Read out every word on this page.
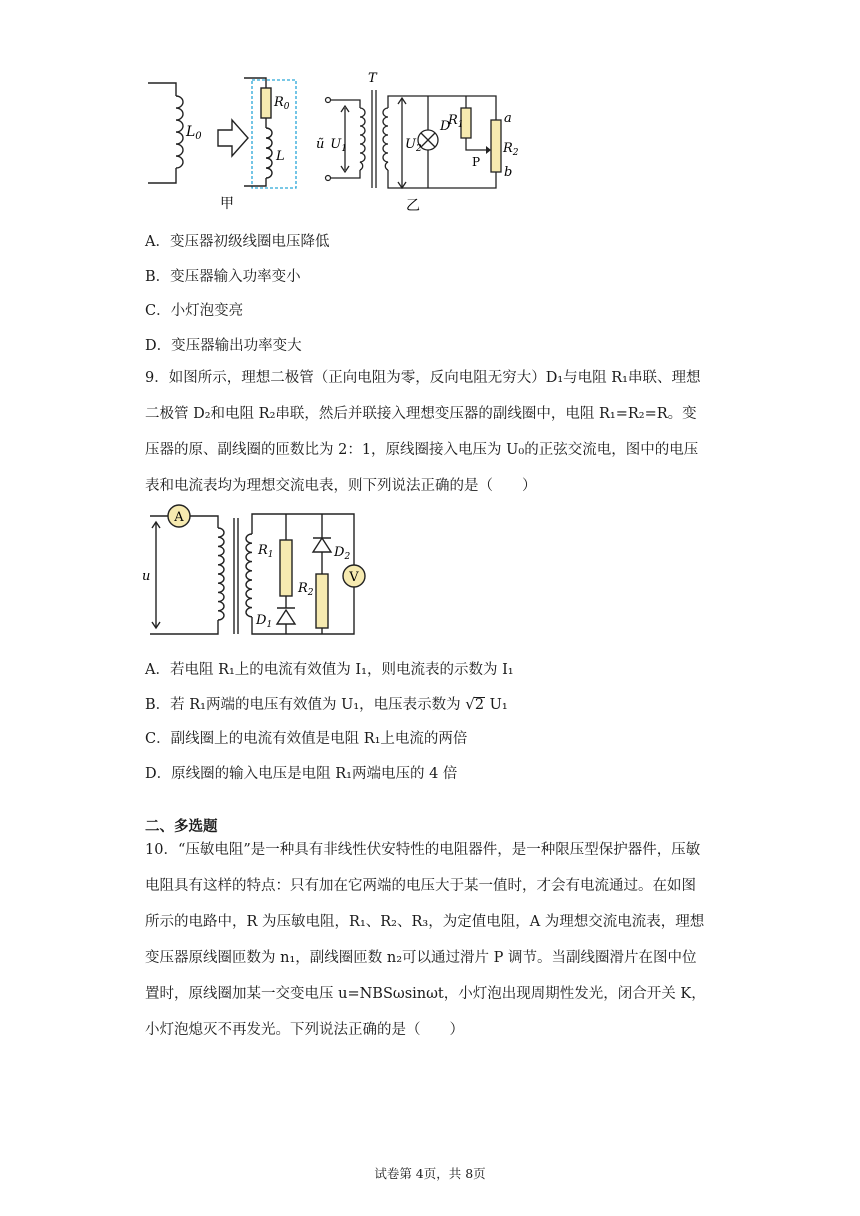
$L_0$
$R_0$
L
甲
ũ
T
$U_1$	$U_2$
D
$R_1$	a
$R_2$
b
P
乙
A．变压器初级线圈电压降低
B．变压器输入功率变小
C．小灯泡变亮
D．变压器输出功率变大
9．如图所示，理想二极管（正向电阻为零，反向电阻无穷大）D₁与电阻 R₁串联、理想
二极管 D₂和电阻 R₂串联，然后并联接入理想变压器的副线圈中，电阻 R₁=R₂=R。变
压器的原、副线圈的匝数比为 2：1，原线圈接入电压为 U₀的正弦交流电，图中的电压
表和电流表均为理想交流电表，则下列说法正确的是（　　）
A
V
u
$R_1$
$R_2$
$D_1$
$D_2$
A．若电阻 R₁上的电流有效值为 I₁，则电流表的示数为 I₁
B．若 R₁两端的电压有效值为 U₁，电压表示数为 √2 U₁
C．副线圈上的电流有效值是电阻 R₁上电流的两倍
D．原线圈的输入电压是电阻 R₁两端电压的 4 倍
二、多选题
10．“压敏电阻”是一种具有非线性伏安特性的电阻器件，是一种限压型保护器件，压敏
电阻具有这样的特点：只有加在它两端的电压大于某一值时，才会有电流通过。在如图
所示的电路中，R 为压敏电阻，R₁、R₂、R₃，为定值电阻，A 为理想交流电流表，理想
变压器原线圈匝数为 n₁，副线圈匝数 n₂可以通过滑片 P 调节。当副线圈滑片在图中位
置时，原线圈加某一交变电压 u=NBSωsinωt，小灯泡出现周期性发光，闭合开关 K，
小灯泡熄灭不再发光。下列说法正确的是（　　）
试卷第 4页，共 8页
